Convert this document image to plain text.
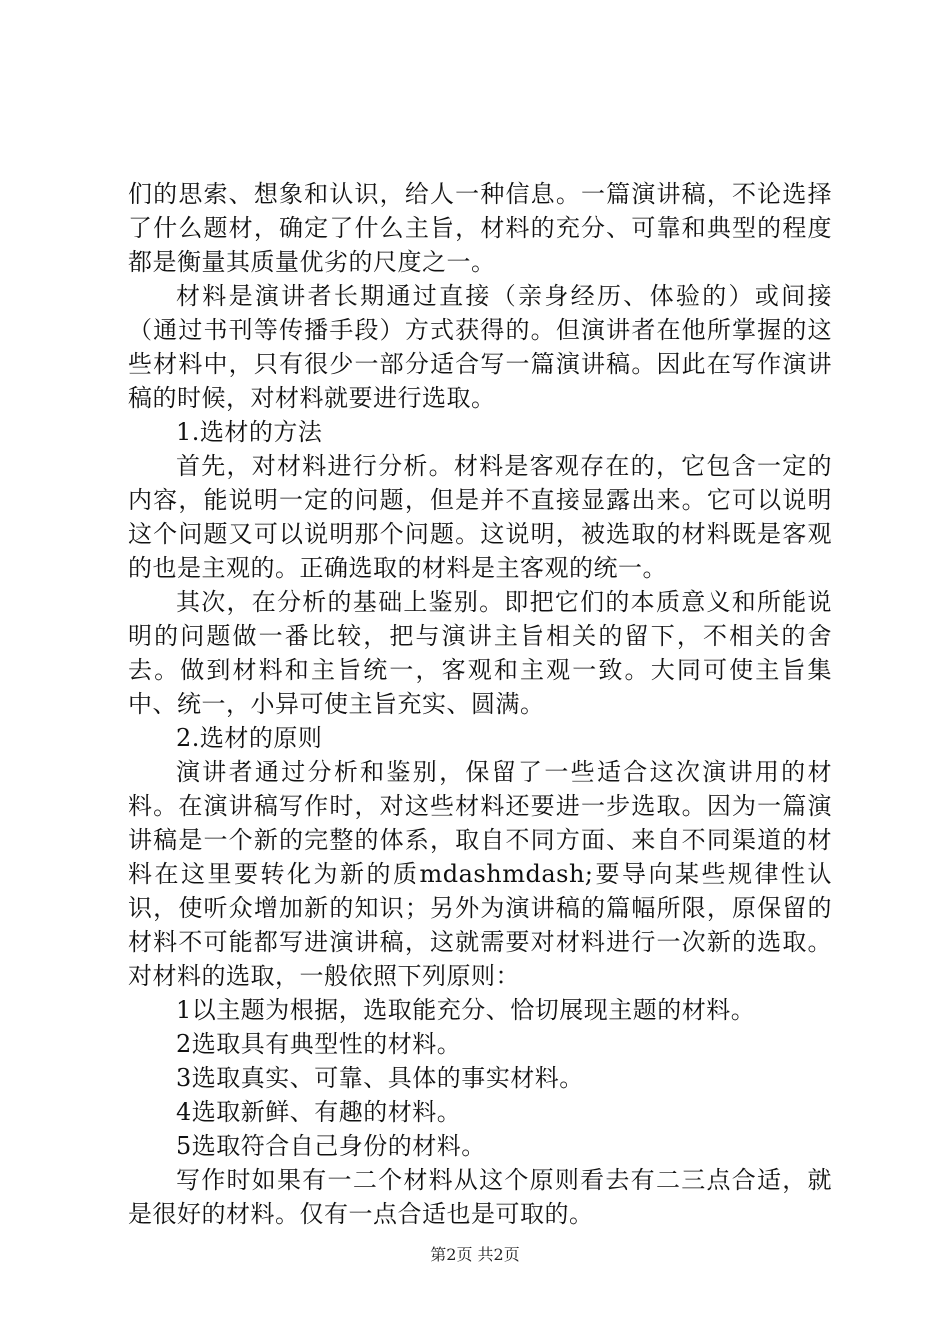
们的思索、想象和认识，给人一种信息。一篇演讲稿，不论选择了什么题材，确定了什么主旨，材料的充分、可靠和典型的程度都是衡量其质量优劣的尺度之一。

材料是演讲者长期通过直接（亲身经历、体验的）或间接（通过书刊等传播手段）方式获得的。但演讲者在他所掌握的这些材料中，只有很少一部分适合写一篇演讲稿。因此在写作演讲稿的时候，对材料就要进行选取。

1.选材的方法

首先，对材料进行分析。材料是客观存在的，它包含一定的内容，能说明一定的问题，但是并不直接显露出来。它可以说明这个问题又可以说明那个问题。这说明，被选取的材料既是客观的也是主观的。正确选取的材料是主客观的统一。

其次，在分析的基础上鉴别。即把它们的本质意义和所能说明的问题做一番比较，把与演讲主旨相关的留下，不相关的舍去。做到材料和主旨统一，客观和主观一致。大同可使主旨集中、统一，小异可使主旨充实、圆满。

2.选材的原则

演讲者通过分析和鉴别，保留了一些适合这次演讲用的材料。在演讲稿写作时，对这些材料还要进一步选取。因为一篇演讲稿是一个新的完整的体系，取自不同方面、来自不同渠道的材料在这里要转化为新的质mdashmdash;要导向某些规律性认识，使听众增加新的知识；另外为演讲稿的篇幅所限，原保留的材料不可能都写进演讲稿，这就需要对材料进行一次新的选取。对材料的选取，一般依照下列原则：

1以主题为根据，选取能充分、恰切展现主题的材料。

2选取具有典型性的材料。

3选取真实、可靠、具体的事实材料。

4选取新鲜、有趣的材料。

5选取符合自己身份的材料。

写作时如果有一二个材料从这个原则看去有二三点合适，就是很好的材料。仅有一点合适也是可取的。

第2页 共2页
